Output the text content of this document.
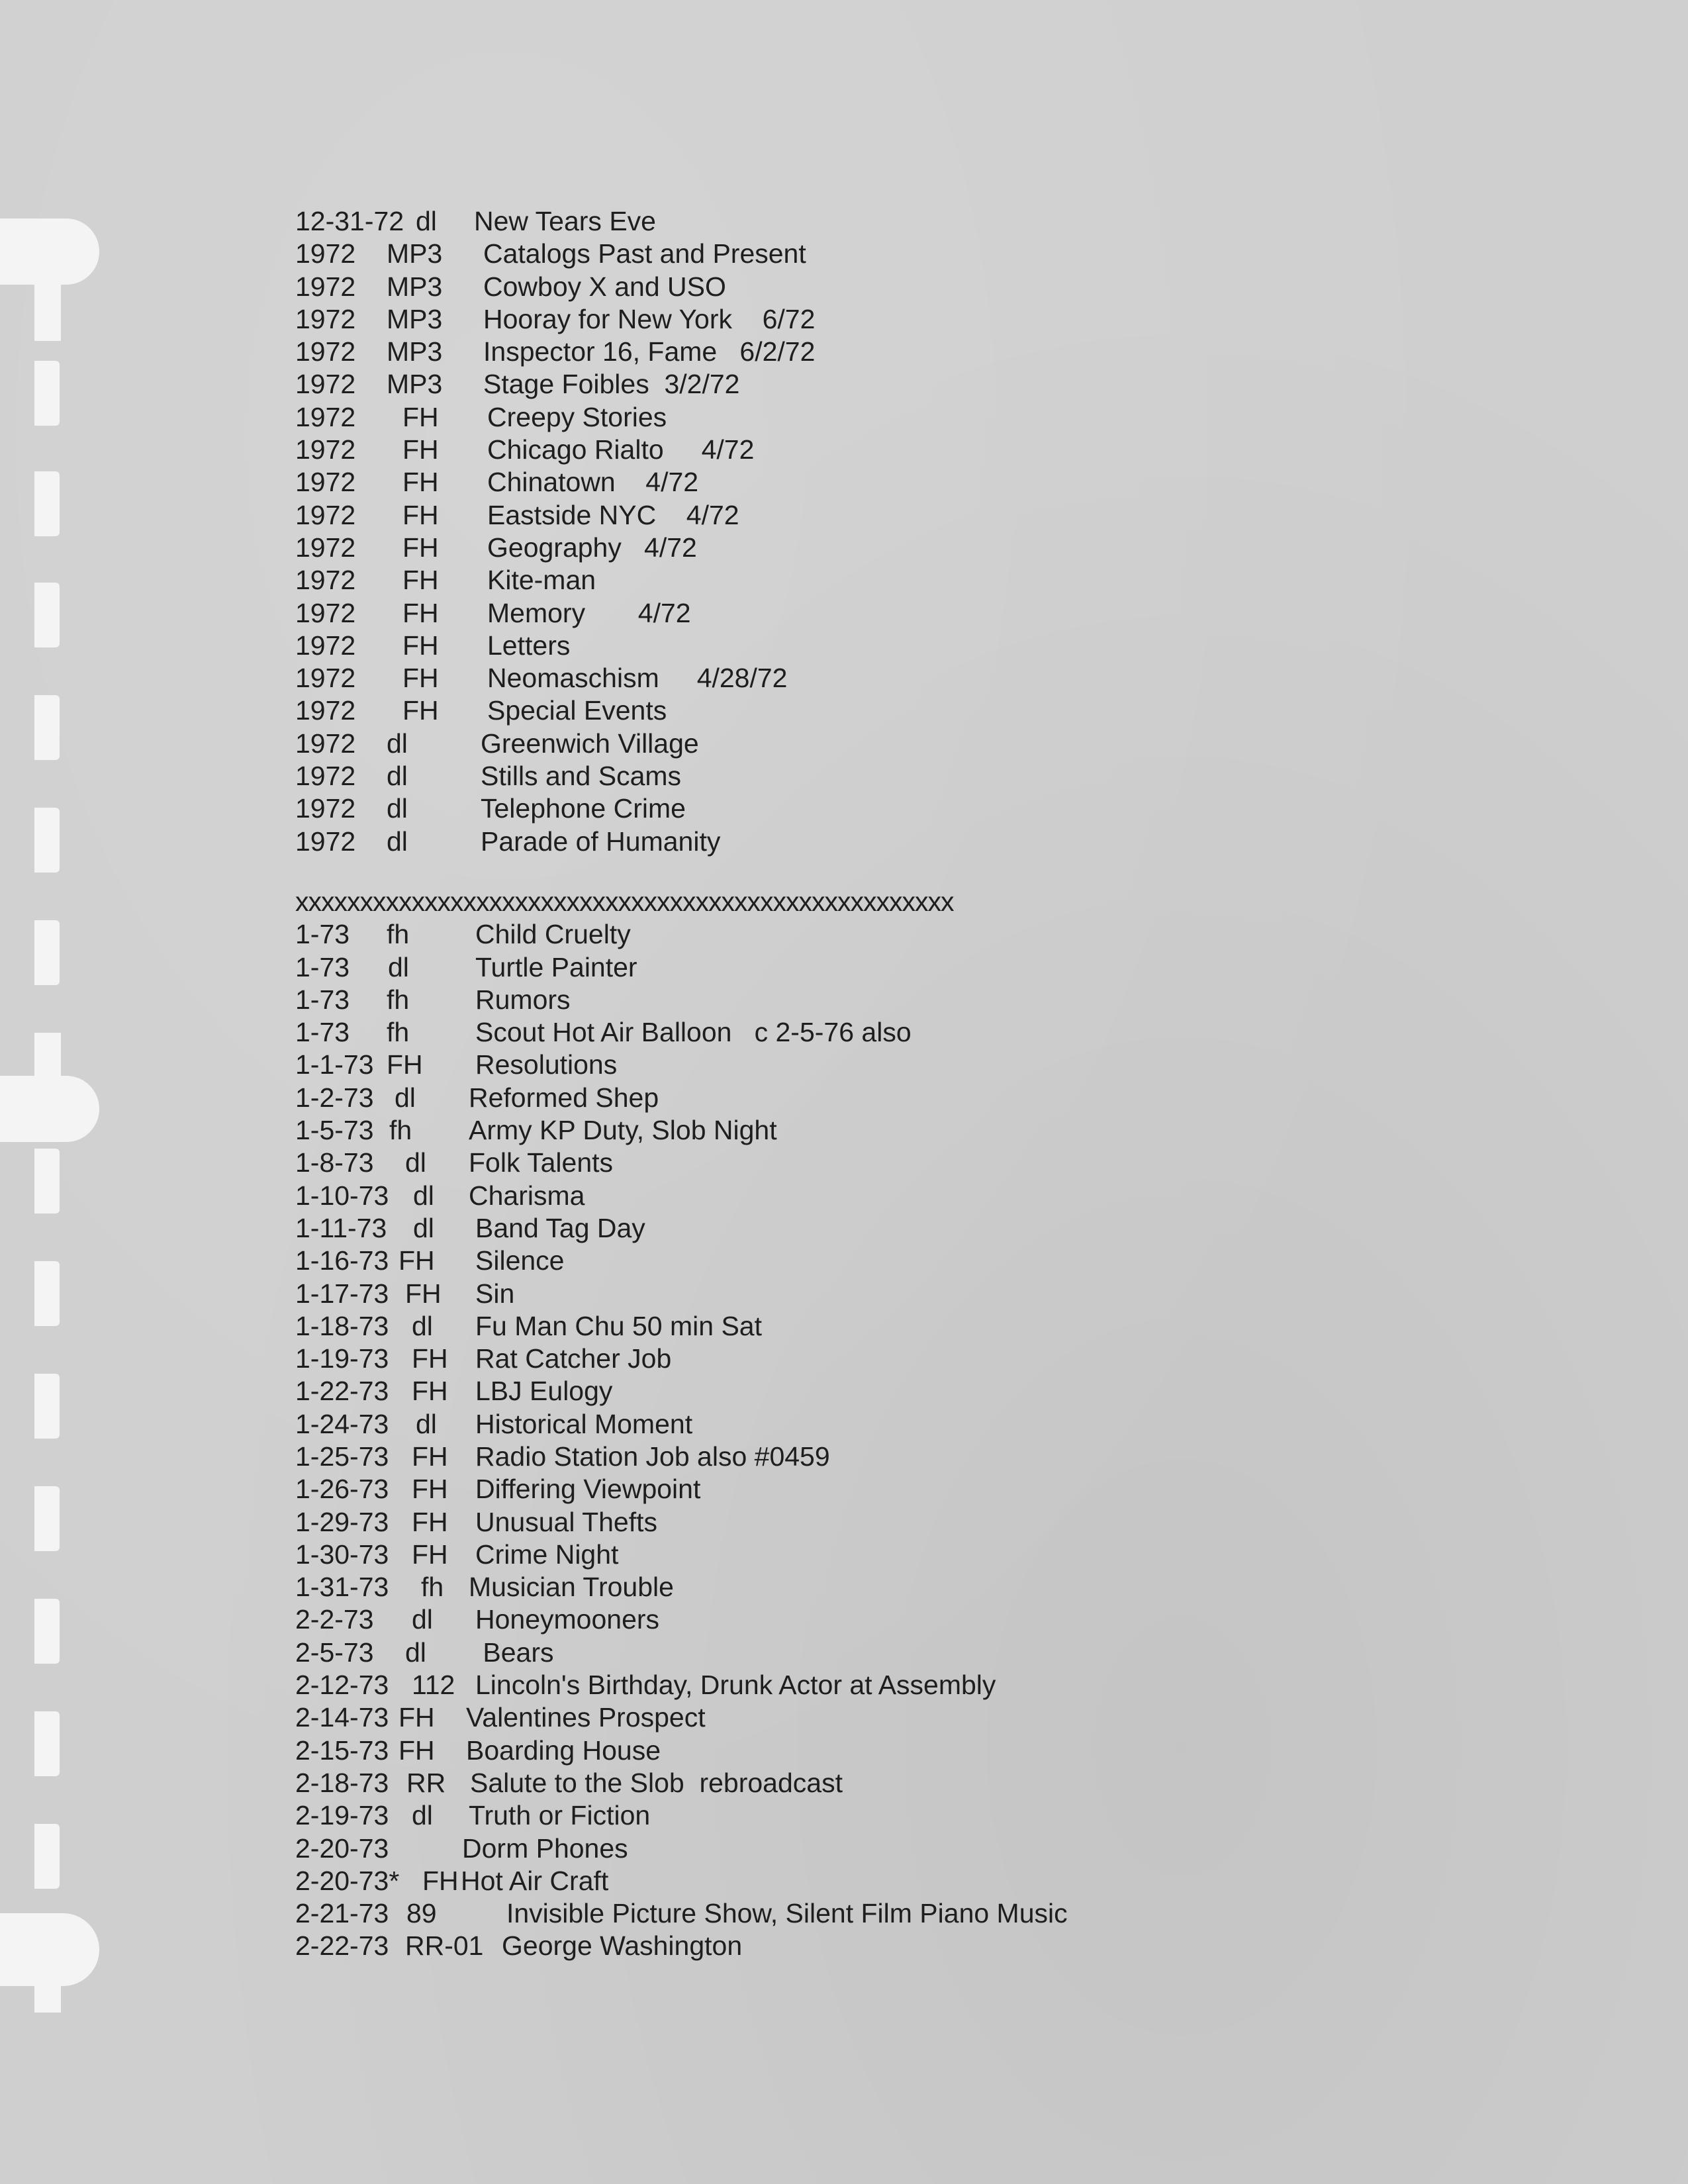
12-31-72 dl New Tears Eve
1972 MP3 Catalogs Past and Present
1972 MP3 Cowboy X and USO
1972 MP3 Hooray for New York    6/72
1972 MP3 Inspector 16, Fame   6/2/72
1972 MP3 Stage Foibles  3/2/72
1972 FH Creepy Stories
1972 FH Chicago Rialto     4/72
1972 FH Chinatown    4/72
1972 FH Eastside NYC    4/72
1972 FH Geography   4/72
1972 FH Kite-man
1972 FH Memory       4/72
1972 FH Letters
1972 FH Neomaschism     4/28/72
1972 FH Special Events
1972 dl	Greenwich Village
1972 dl	Stills and Scams
1972 dl	Telephone Crime
1972 dl	Parade of Humanity
xxxxxxxxxxxxxxxxxxxxxxxxxxxxxxxxxxxxxxxxxxxxxxxxxxx
1-73 fh Child Cruelty
1-73 dl Turtle Painter
1-73 fh Rumors
1-73 fh Scout Hot Air Balloon   c 2-5-76 also
1-1-73 FH Resolutions
1-2-73 dl Reformed Shep
1-5-73 fh Army KP Duty, Slob Night
1-8-73 dl Folk Talents
1-10-73 dl Charisma
1-11-73 dl Band Tag Day
1-16-73 FH Silence
1-17-73 FH Sin
1-18-73 dl Fu Man Chu 50 min Sat
1-19-73 FH Rat Catcher Job
1-22-73 FH LBJ Eulogy
1-24-73 dl Historical Moment
1-25-73 FH Radio Station Job also #0459
1-26-73 FH Differing Viewpoint
1-29-73 FH Unusual Thefts
1-30-73 FH Crime Night
1-31-73 fh Musician Trouble
2-2-73 dl Honeymooners
2-5-73 dl Bears
2-12-73 112 Lincoln's Birthday, Drunk Actor at Assembly
2-14-73 FH Valentines Prospect
2-15-73 FH Boarding House
2-18-73 RR Salute to the Slob  rebroadcast
2-19-73 dl Truth or Fiction
2-20-73	Dorm Phones
2-20-73* FH Hot Air Craft
2-21-73 89 Invisible Picture Show, Silent Film Piano Music
2-22-73 RR-01 George Washington
